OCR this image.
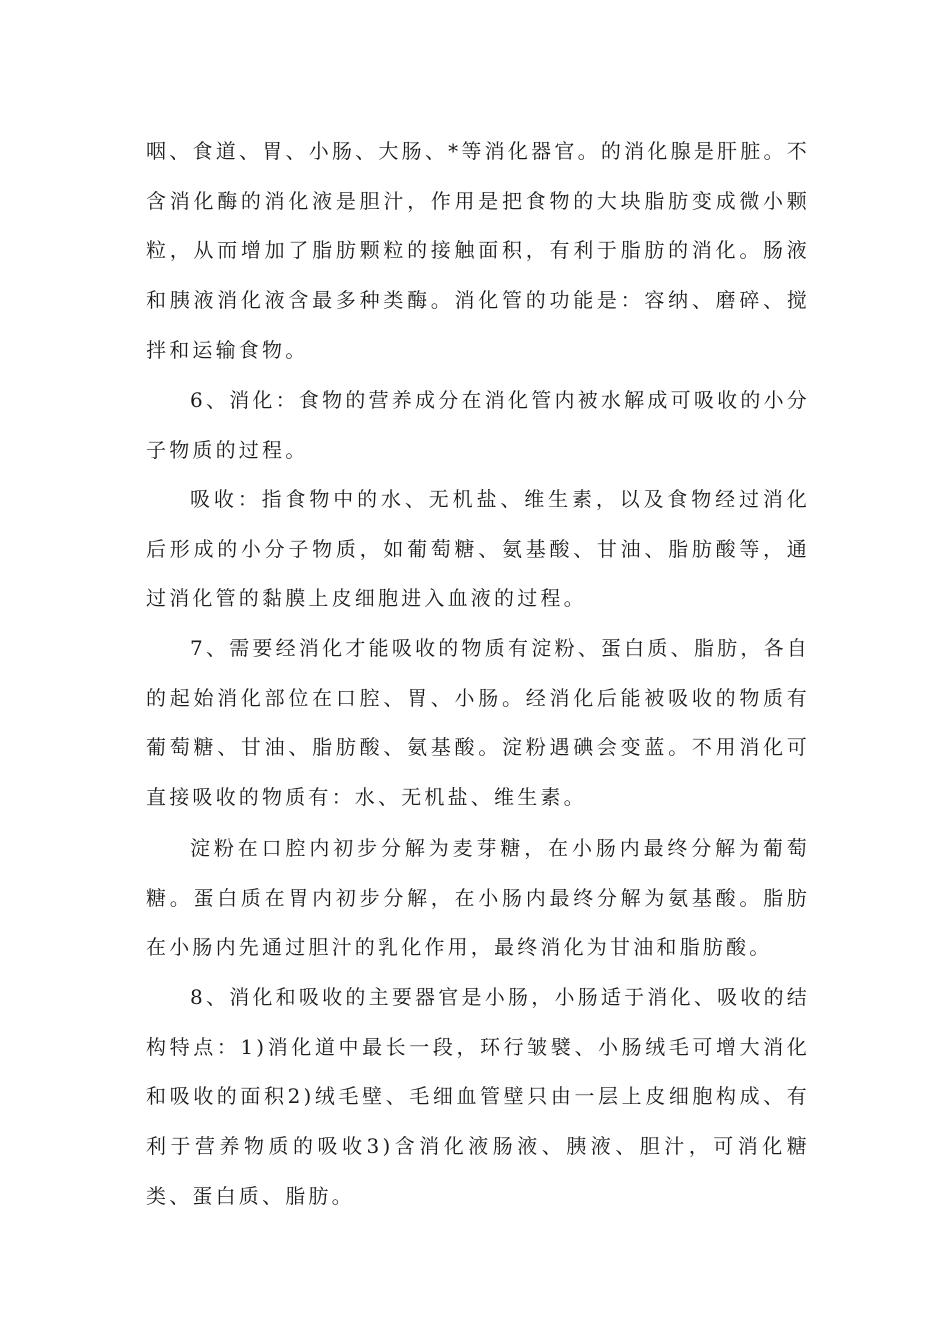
咽、食道、胃、小肠、大肠、*等消化器官。的消化腺是肝脏。不含消化酶的消化液是胆汁，作用是把食物的大块脂肪变成微小颗粒，从而增加了脂肪颗粒的接触面积，有利于脂肪的消化。肠液和胰液消化液含最多种类酶。消化管的功能是：容纳、磨碎、搅拌和运输食物。

6、消化：食物的营养成分在消化管内被水解成可吸收的小分子物质的过程。

吸收：指食物中的水、无机盐、维生素，以及食物经过消化后形成的小分子物质，如葡萄糖、氨基酸、甘油、脂肪酸等，通过消化管的黏膜上皮细胞进入血液的过程。

7、需要经消化才能吸收的物质有淀粉、蛋白质、脂肪，各自的起始消化部位在口腔、胃、小肠。经消化后能被吸收的物质有葡萄糖、甘油、脂肪酸、氨基酸。淀粉遇碘会变蓝。不用消化可直接吸收的物质有：水、无机盐、维生素。

淀粉在口腔内初步分解为麦芽糖，在小肠内最终分解为葡萄糖。蛋白质在胃内初步分解，在小肠内最终分解为氨基酸。脂肪在小肠内先通过胆汁的乳化作用，最终消化为甘油和脂肪酸。

8、消化和吸收的主要器官是小肠，小肠适于消化、吸收的结构特点：1)消化道中最长一段，环行皱襞、小肠绒毛可增大消化和吸收的面积2)绒毛壁、毛细血管壁只由一层上皮细胞构成、有利于营养物质的吸收3)含消化液肠液、胰液、胆汁，可消化糖类、蛋白质、脂肪。
